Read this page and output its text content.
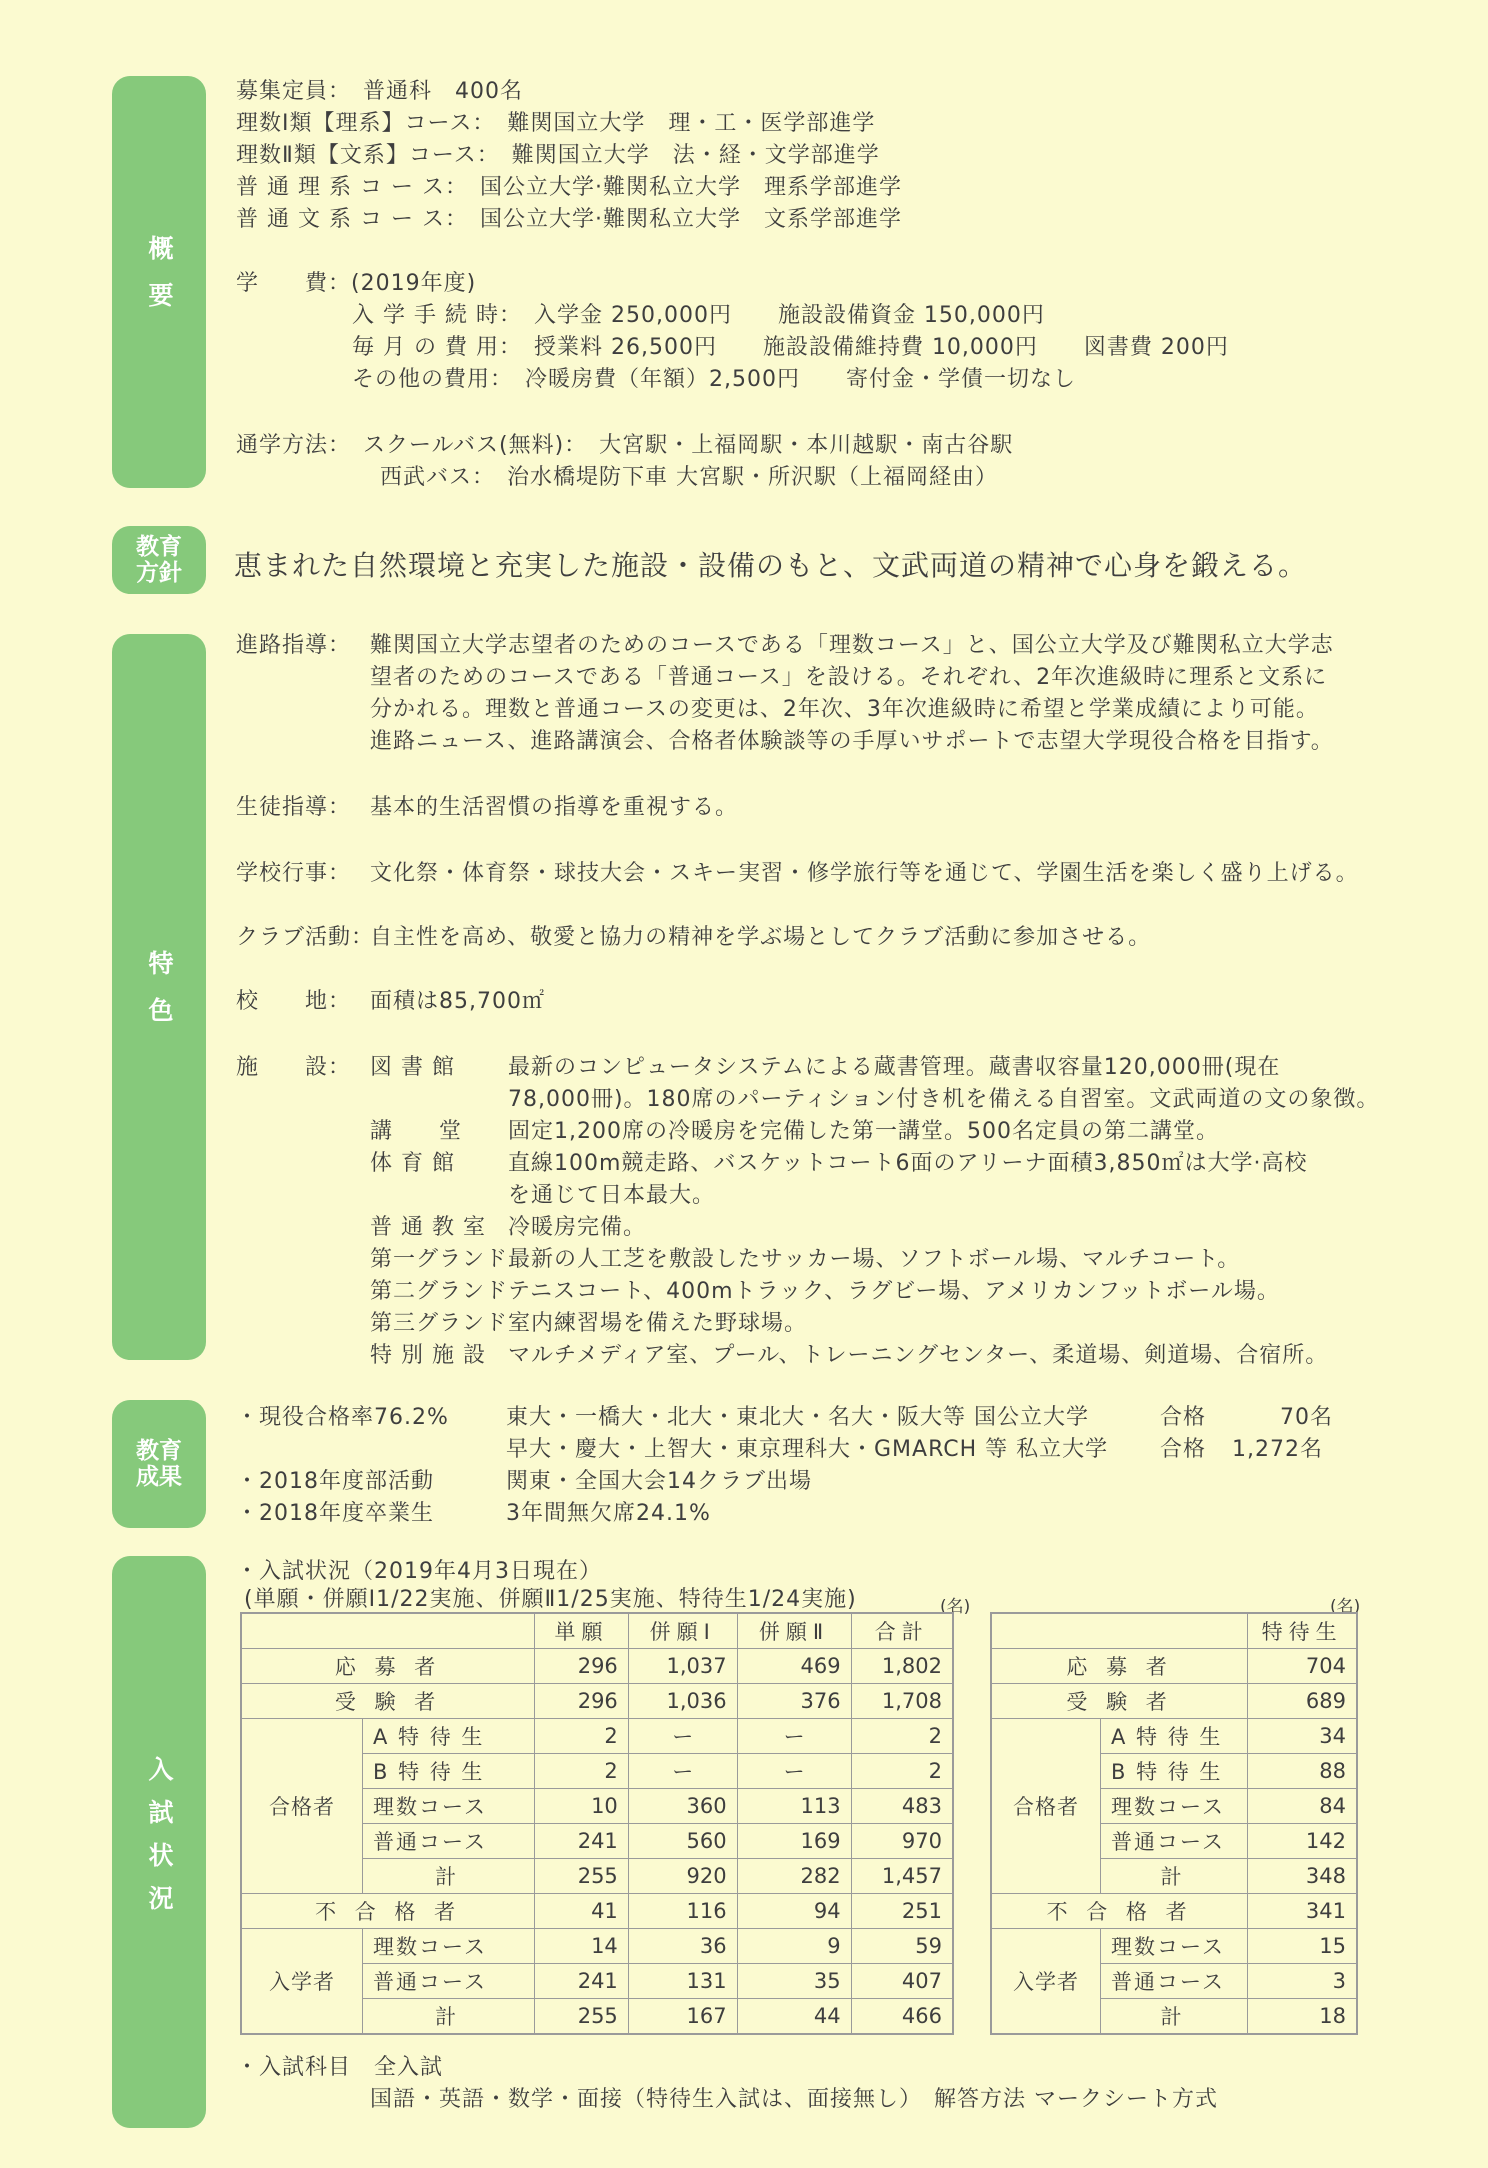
概要
教育
方針
特色
教育
成果
入試状況
募集定員：　普通科　400名
理数Ⅰ類【理系】コース：　難関国立大学　理・工・医学部進学
理数Ⅱ類【文系】コース：　難関国立大学　法・経・文学部進学
普 通 理 系 コ ー ス：　国公立大学·難関私立大学　理系学部進学
普 通 文 系 コ ー ス：　国公立大学·難関私立大学　文系学部進学
学　　費：(2019年度)
入 学 手 続 時：　入学金 250,000円　　施設設備資金 150,000円
毎 月 の 費 用：　授業料 26,500円　　施設設備維持費 10,000円　　図書費 200円
その他の費用：　冷暖房費（年額）2,500円　　寄付金・学債一切なし
通学方法：　スクールバス(無料)：　大宮駅・上福岡駅・本川越駅・南古谷駅
西武バス：　治水橋堤防下車 大宮駅・所沢駅（上福岡経由）
恵まれた自然環境と充実した施設・設備のもと、文武両道の精神で心身を鍛える。
進路指導： 難関国立大学志望者のためのコースである「理数コース」と、国公立大学及び難関私立大学志
望者のためのコースである「普通コース」を設ける。それぞれ、2年次進級時に理系と文系に
分かれる。理数と普通コースの変更は、2年次、3年次進級時に希望と学業成績により可能。
進路ニュース、進路講演会、合格者体験談等の手厚いサポートで志望大学現役合格を目指す。
生徒指導： 基本的生活習慣の指導を重視する。
学校行事： 文化祭・体育祭・球技大会・スキー実習・修学旅行等を通じて、学園生活を楽しく盛り上げる。
クラブ活動：
自主性を高め、敬愛と協力の精神を学ぶ場としてクラブ活動に参加させる。
校　　地： 面積は85,700㎡
施　　設： 図 書 館 最新のコンピュータシステムによる蔵書管理。蔵書収容量120,000冊(現在
78,000冊)。180席のパーティション付き机を備える自習室。文武両道の文の象徴。
講　　堂 固定1,200席の冷暖房を完備した第一講堂。500名定員の第二講堂。
体 育 館 直線100m競走路、バスケットコート6面のアリーナ面積3,850㎡は大学·高校
を通じて日本最大。
普 通 教 室 冷暖房完備。
第一グランド 最新の人工芝を敷設したサッカー場、ソフトボール場、マルチコート。
第二グランド テニスコート、400mトラック、ラグビー場、アメリカンフットボール場。
第三グランド 室内練習場を備えた野球場。
特 別 施 設 マルチメディア室、プール、トレーニングセンター、柔道場、剣道場、合宿所。
・現役合格率76.2%	東大・一橋大・北大・東北大・名大・阪大等 国公立大学	合格	70名
早大・慶大・上智大・東京理科大・GMARCH 等 私立大学 合格 1,272名
・2018年度部活動	関東・全国大会14クラブ出場
・2018年度卒業生	3年間無欠席24.1%
・入試状況（2019年4月3日現在）
(単願・併願Ⅰ1/22実施、併願Ⅱ1/25実施、特待生1/24実施)	(名)	(名)
		単願	併願Ⅰ	併願Ⅱ	合計
応 募 者		296	1,037	469	1,802
受 験 者		296	1,036	376	1,708
合格者	A 特 待 生	2	ー	ー	2
	B 特 待 生	2	ー	ー	2
	理数コース	10	360	113	483
	普通コース	241	560	169	970
	計	255	920	282	1,457
不 合 格 者		41	116	94	251
入学者	理数コース	14	36	9	59
	普通コース	241	131	35	407
	計	255	167	44	466
		特待生
応 募 者		704
受 験 者		689
合格者	A 特 待 生	34
	B 特 待 生	88
	理数コース	84
	普通コース	142
	計	348
不 合 格 者		341
入学者	理数コース	15
	普通コース	3
	計	18
・入試科目　全入試
国語・英語・数学・面接（特待生入試は、面接無し）　解答方法 マークシート方式
